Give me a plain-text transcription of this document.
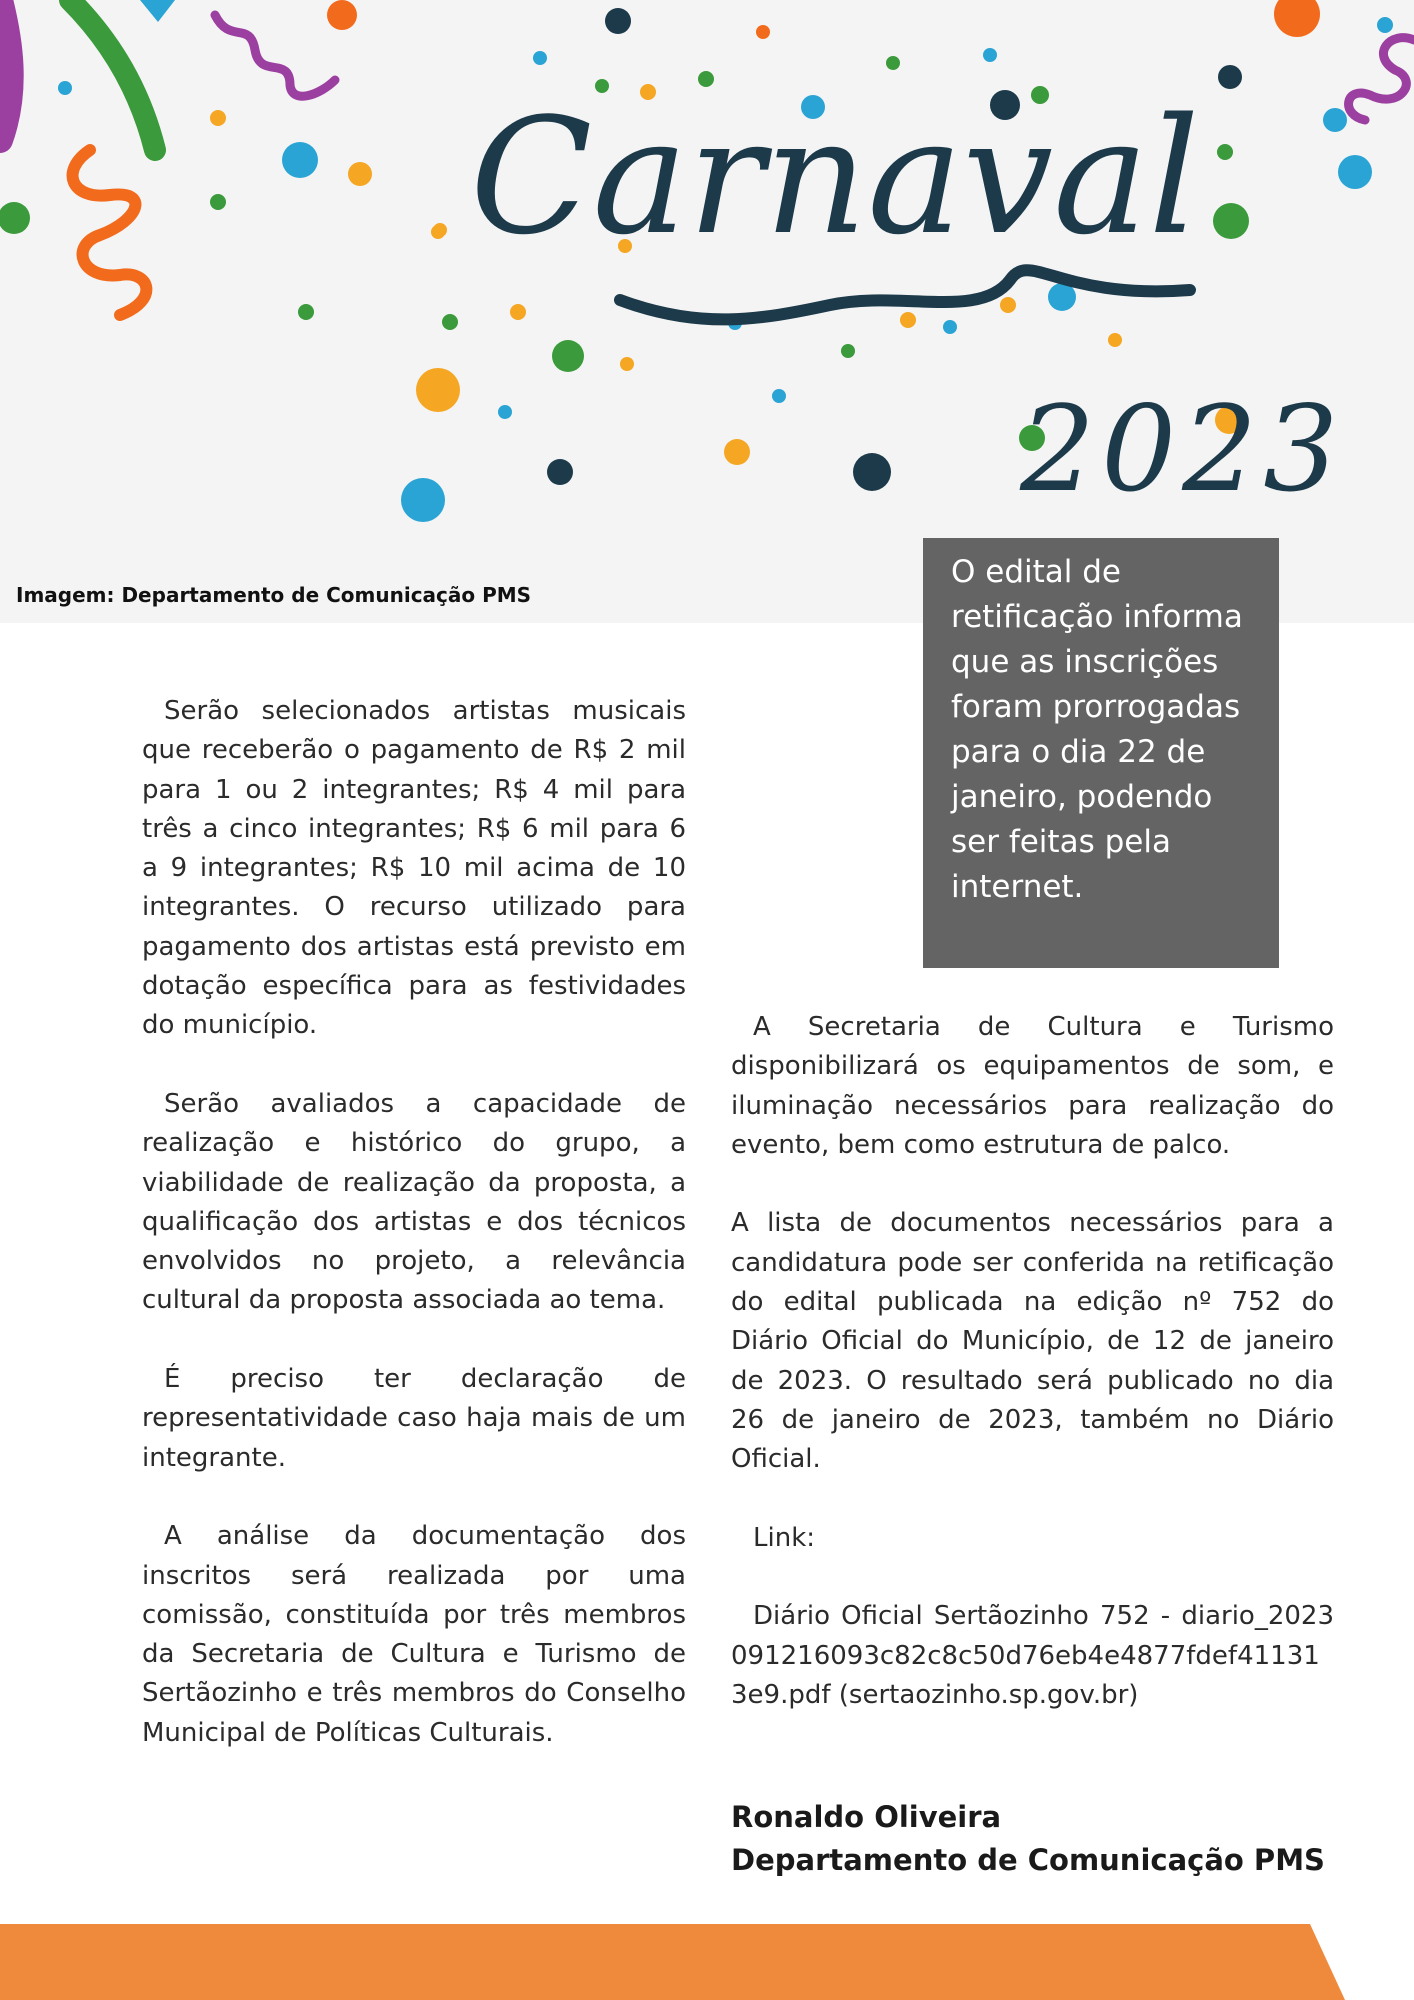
Carnaval
2023
Imagem: Departamento de Comunicação PMS

O edital de retificação informa que as inscrições foram prorrogadas para o dia 22 de janeiro, podendo ser feitas pela internet.

Serão selecionados artistas musicais que receberão o pagamento de R$ 2 mil para 1 ou 2 integrantes; R$ 4 mil para três a cinco integrantes; R$ 6 mil para 6 a 9 integrantes; R$ 10 mil acima de 10 integrantes. O recurso utilizado para pagamento dos artistas está previsto em dotação específica para as festividades do município.

Serão avaliados a capacidade de realização e histórico do grupo, a viabilidade de realização da proposta, a qualificação dos artistas e dos técnicos envolvidos no projeto, a relevância cultural da proposta associada ao tema.

É preciso ter declaração de representatividade caso haja mais de um integrante.

A análise da documentação dos inscritos será realizada por uma comissão, constituída por três membros da Secretaria de Cultura e Turismo de Sertãozinho e três membros do Conselho Municipal de Políticas Culturais.

A Secretaria de Cultura e Turismo disponibilizará os equipamentos de som, e iluminação necessários para realização do evento, bem como estrutura de palco.

A lista de documentos necessários para a candidatura pode ser conferida na retificação do edital publicada na edição nº 752 do Diário Oficial do Município, de 12 de janeiro de 2023. O resultado será publicado no dia 26 de janeiro de 2023, também no Diário Oficial.

Link:

Diário Oficial Sertãozinho 752 - diario_2023091216093c82c8c50d76eb4e4877fdef411313e9.pdf (sertaozinho.sp.gov.br)

Ronaldo Oliveira
Departamento de Comunicação PMS
